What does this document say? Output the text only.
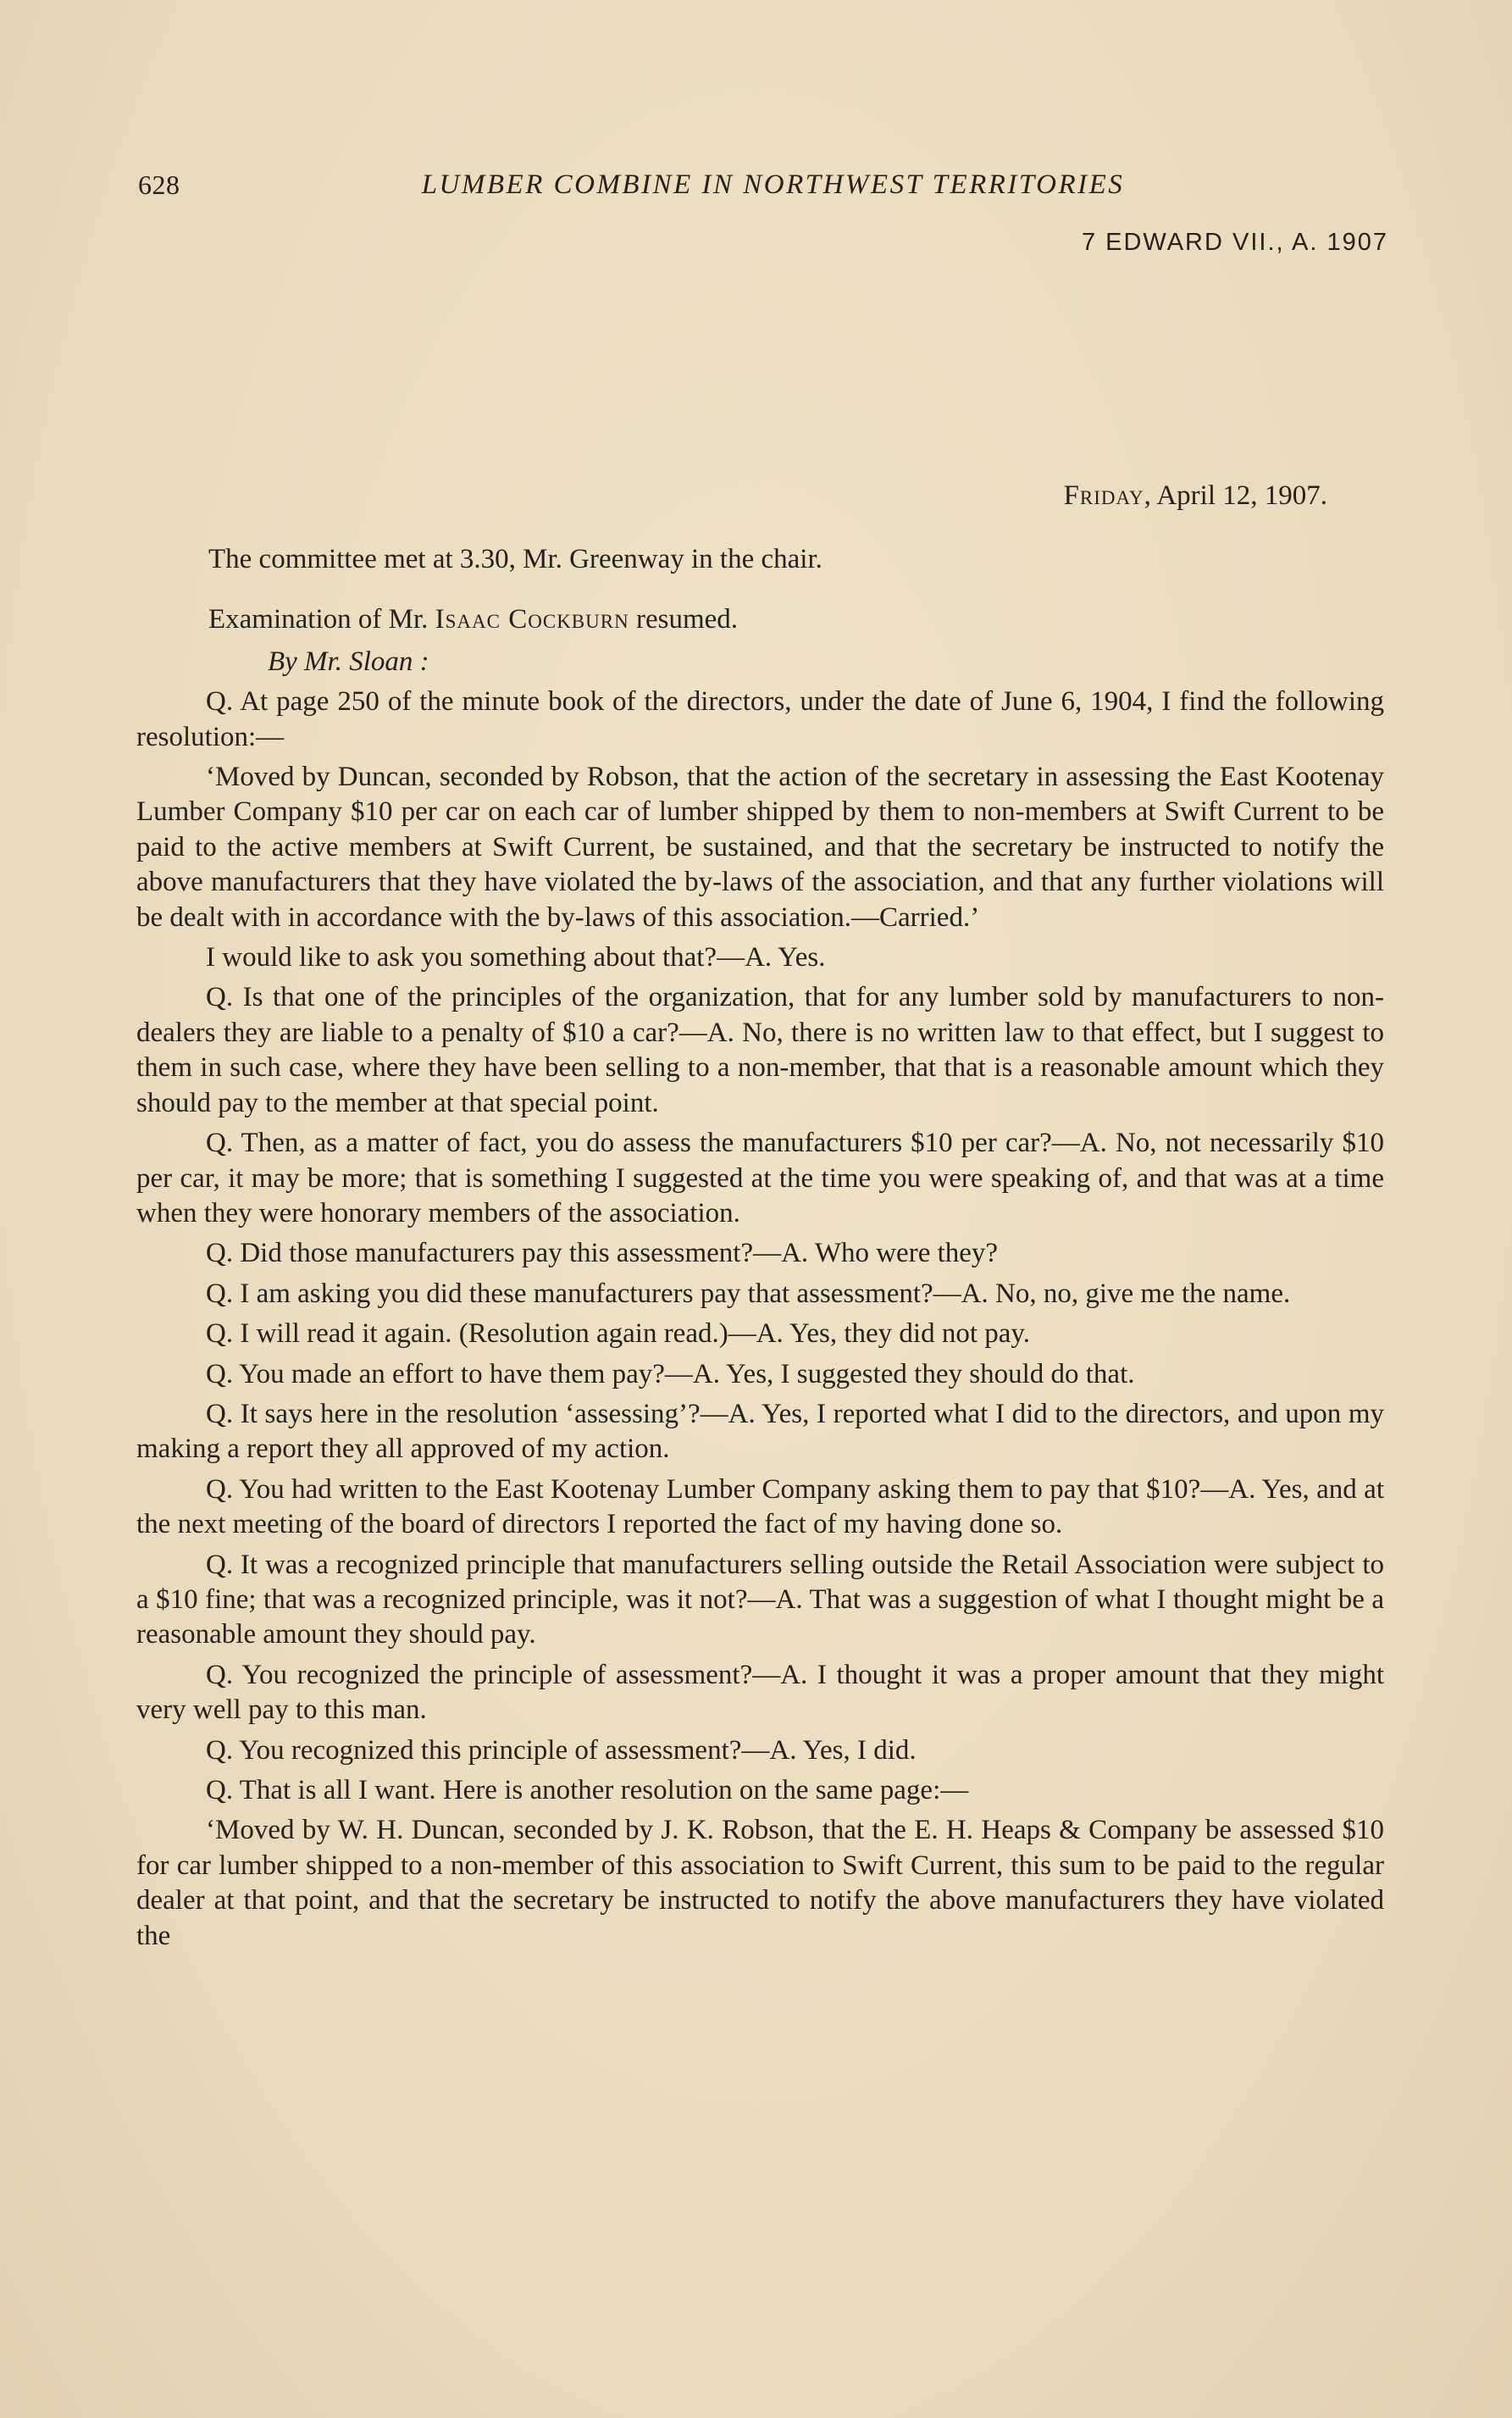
628	LUMBER COMBINE IN NORTHWEST TERRITORIES
7 EDWARD VII., A. 1907
Friday, April 12, 1907.

The committee met at 3.30, Mr. Greenway in the chair.

Examination of Mr. Isaac Cockburn resumed.

By Mr. Sloan :

Q. At page 250 of the minute book of the directors, under the date of June 6, 1904, I find the following resolution:—

‘Moved by Duncan, seconded by Robson, that the action of the secretary in assessing the East Kootenay Lumber Company $10 per car on each car of lumber shipped by them to non-members at Swift Current to be paid to the active members at Swift Current, be sustained, and that the secretary be instructed to notify the above manufacturers that they have violated the by-laws of the association, and that any further violations will be dealt with in accordance with the by-laws of this association.—Carried.’

I would like to ask you something about that?—A. Yes.

Q. Is that one of the principles of the organization, that for any lumber sold by manufacturers to non-dealers they are liable to a penalty of $10 a car?—A. No, there is no written law to that effect, but I suggest to them in such case, where they have been selling to a non-member, that that is a reasonable amount which they should pay to the member at that special point.

Q. Then, as a matter of fact, you do assess the manufacturers $10 per car?—A. No, not necessarily $10 per car, it may be more; that is something I suggested at the time you were speaking of, and that was at a time when they were honorary members of the association.

Q. Did those manufacturers pay this assessment?—A. Who were they?

Q. I am asking you did these manufacturers pay that assessment?—A. No, no, give me the name.

Q. I will read it again. (Resolution again read.)—A. Yes, they did not pay.

Q. You made an effort to have them pay?—A. Yes, I suggested they should do that.

Q. It says here in the resolution ‘assessing’?—A. Yes, I reported what I did to the directors, and upon my making a report they all approved of my action.

Q. You had written to the East Kootenay Lumber Company asking them to pay that $10?—A. Yes, and at the next meeting of the board of directors I reported the fact of my having done so.

Q. It was a recognized principle that manufacturers selling outside the Retail Association were subject to a $10 fine; that was a recognized principle, was it not?—A. That was a suggestion of what I thought might be a reasonable amount they should pay.

Q. You recognized the principle of assessment?—A. I thought it was a proper amount that they might very well pay to this man.

Q. You recognized this principle of assessment?—A. Yes, I did.

Q. That is all I want. Here is another resolution on the same page:—

‘Moved by W. H. Duncan, seconded by J. K. Robson, that the E. H. Heaps & Company be assessed $10 for car lumber shipped to a non-member of this association to Swift Current, this sum to be paid to the regular dealer at that point, and that the secretary be instructed to notify the above manufacturers they have violated the
